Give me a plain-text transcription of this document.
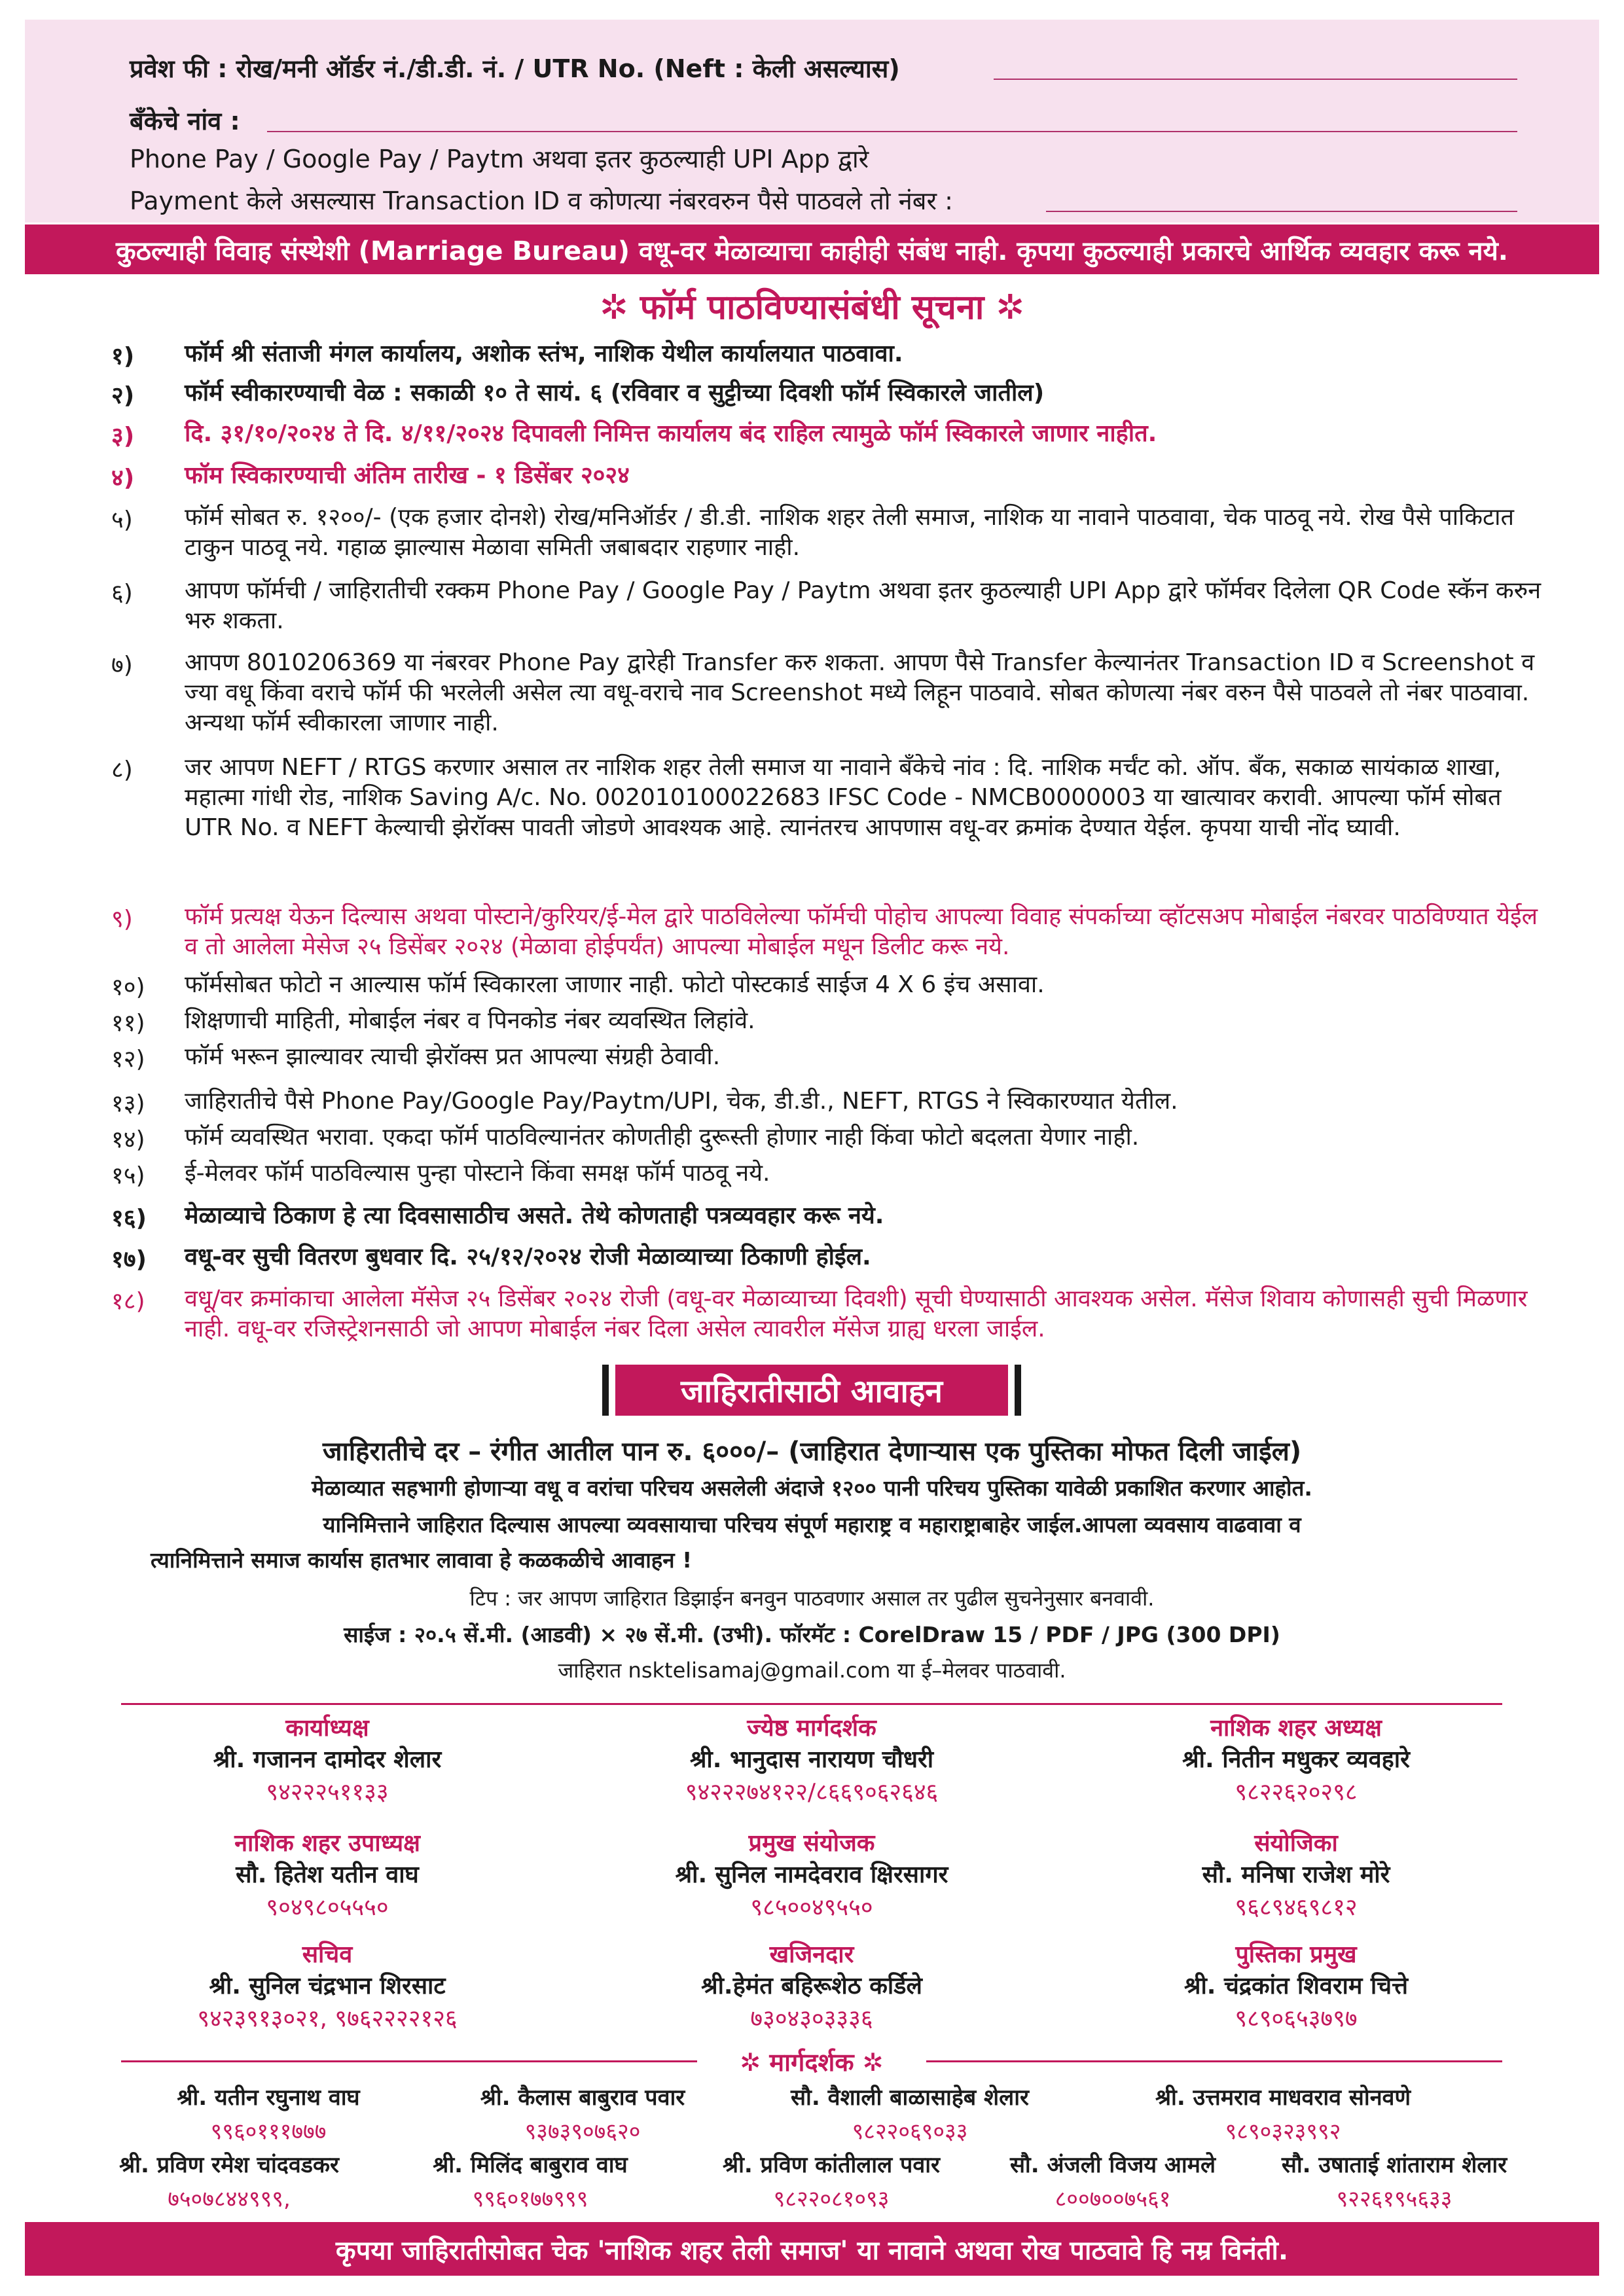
प्रवेश फी : रोख/मनी ऑर्डर नं./डी.डी. नं. / UTR No. (Neft : केली असल्यास)
बँकेचे नांव :
Phone Pay / Google Pay / Paytm अथवा इतर कुठल्याही UPI App द्वारे
Payment केले असल्यास Transaction ID व कोणत्या नंबरवरुन पैसे पाठवले तो नंबर :
कुठल्याही विवाह संस्थेशी (Marriage Bureau) वधू-वर मेळाव्याचा काहीही संबंध नाही. कृपया कुठल्याही प्रकारचे आर्थिक व्यवहार करू नये.
✲ फॉर्म पाठविण्यासंबंधी सूचना ✲
१) फॉर्म श्री संताजी मंगल कार्यालय, अशोक स्तंभ, नाशिक येथील कार्यालयात पाठवावा.
२) फॉर्म स्वीकारण्याची वेळ : सकाळी १० ते सायं. ६ (रविवार व सुट्टीच्या दिवशी फॉर्म स्विकारले जातील)
३) दि. ३१/१०/२०२४ ते दि. ४/११/२०२४ दिपावली निमित्त कार्यालय बंद राहिल त्यामुळे फॉर्म स्विकारले जाणार नाहीत.
४) फॉम स्विकारण्याची अंतिम तारीख - १ डिसेंबर २०२४
५) फॉर्म सोबत रु. १२००/- (एक हजार दोनशे) रोख/मनिऑर्डर / डी.डी. नाशिक शहर तेली समाज, नाशिक या नावाने पाठवावा, चेक पाठवू नये. रोख पैसे पाकिटात टाकुन पाठवू नये. गहाळ झाल्यास मेळावा समिती जबाबदार राहणार नाही.
६) आपण फॉर्मची / जाहिरातीची रक्कम Phone Pay / Google Pay / Paytm अथवा इतर कुठल्याही UPI App द्वारे फॉर्मवर दिलेला QR Code स्कॅन करुन भरु शकता.
७) आपण 8010206369 या नंबरवर Phone Pay द्वारेही Transfer करु शकता. आपण पैसे Transfer केल्यानंतर Transaction ID व Screenshot व ज्या वधू किंवा वराचे फॉर्म फी भरलेली असेल त्या वधू-वराचे नाव Screenshot मध्ये लिहून पाठवावे. सोबत कोणत्या नंबर वरुन पैसे पाठवले तो नंबर पाठवावा. अन्यथा फॉर्म स्वीकारला जाणार नाही.
८) जर आपण NEFT / RTGS करणार असाल तर नाशिक शहर तेली समाज या नावाने बँकेचे नांव : दि. नाशिक मर्चंट को. ऑप. बँक, सकाळ सायंकाळ शाखा, महात्मा गांधी रोड, नाशिक Saving A/c. No. 00201010002268З IFSC Code - NMCB0000003 या खात्यावर करावी. आपल्या फॉर्म सोबत UTR No. व NEFT केल्याची झेरॉक्स पावती जोडणे आवश्यक आहे. त्यानंतरच आपणास वधू-वर क्रमांक देण्यात येईल. कृपया याची नोंद घ्यावी.
९) फॉर्म प्रत्यक्ष येऊन दिल्यास अथवा पोस्टाने/कुरियर/ई-मेल द्वारे पाठविलेल्या फॉर्मची पोहोच आपल्या विवाह संपर्काच्या व्हॉटसअप मोबाईल नंबरवर पाठविण्यात येईल व तो आलेला मेसेज २५ डिसेंबर २०२४ (मेळावा होईपर्यंत) आपल्या मोबाईल मधून डिलीट करू नये.
१०) फॉर्मसोबत फोटो न आल्यास फॉर्म स्विकारला जाणार नाही. फोटो पोस्टकार्ड साईज 4 X 6 इंच असावा.
११) शिक्षणाची माहिती, मोबाईल नंबर व पिनकोड नंबर व्यवस्थित लिहांवे.
१२) फॉर्म भरून झाल्यावर त्याची झेरॉक्स प्रत आपल्या संग्रही ठेवावी.
१३) जाहिरातीचे पैसे Phone Pay/Google Pay/Paytm/UPI, चेक, डी.डी., NEFT, RTGS ने स्विकारण्यात येतील.
१४) फॉर्म व्यवस्थित भरावा. एकदा फॉर्म पाठविल्यानंतर कोणतीही दुरूस्ती होणार नाही किंवा फोटो बदलता येणार नाही.
१५) ई-मेलवर फॉर्म पाठविल्यास पुन्हा पोस्टाने किंवा समक्ष फॉर्म पाठवू नये.
१६) मेळाव्याचे ठिकाण हे त्या दिवसासाठीच असते. तेथे कोणताही पत्रव्यवहार करू नये.
१७) वधू-वर सुची वितरण बुधवार दि. २५/१२/२०२४ रोजी मेळाव्याच्या ठिकाणी होईल.
१८) वधू/वर क्रमांकाचा आलेला मॅसेज २५ डिसेंबर २०२४ रोजी (वधू-वर मेळाव्याच्या दिवशी) सूची घेण्यासाठी आवश्यक असेल. मॅसेज शिवाय कोणासही सुची मिळणार नाही. वधू-वर रजिस्ट्रेशनसाठी जो आपण मोबाईल नंबर दिला असेल त्यावरील मॅसेज ग्राह्य धरला जाईल.
जाहिरातीसाठी आवाहन
जाहिरातीचे दर – रंगीत आतील पान रु. ६०००/– (जाहिरात देणाऱ्यास एक पुस्तिका मोफत दिली जाईल)
मेळाव्यात सहभागी होणाऱ्या वधू व वरांचा परिचय असलेली अंदाजे १२०० पानी परिचय पुस्तिका यावेळी प्रकाशित करणार आहोत.
यानिमित्ताने जाहिरात दिल्यास आपल्या व्यवसायाचा परिचय संपूर्ण महाराष्ट्र व महाराष्ट्राबाहेर जाईल.आपला व्यवसाय वाढवावा व
त्यानिमित्ताने समाज कार्यास हातभार लावावा हे कळकळीचे आवाहन !
टिप : जर आपण जाहिरात डिझाईन बनवुन पाठवणार असाल तर पुढील सुचनेनुसार बनवावी.
साईज : २०.५ सें.मी. (आडवी) × २७ सें.मी. (उभी). फॉरमॅट : CorelDraw 15 / PDF / JPG (300 DPI)
जाहिरात nsktelisamaj@gmail.com या ई–मेलवर पाठवावी.
कार्याध्यक्ष
श्री. गजानन दामोदर शेलार
९४२२२५११३३
ज्येष्ठ मार्गदर्शक
श्री. भानुदास नारायण चौधरी
९४२२२७४१२२/८६६९०६२६४६
नाशिक शहर अध्यक्ष
श्री. नितीन मधुकर व्यवहारे
९८२२६२०२९८
नाशिक शहर उपाध्यक्ष
सौ. हितेश यतीन वाघ
९०४९८०५५५०
प्रमुख संयोजक
श्री. सुनिल नामदेवराव क्षिरसागर
९८५००४९५५०
संयोजिका
सौ. मनिषा राजेश मोरे
९६८९४६९८१२
सचिव
श्री. सुनिल चंद्रभान शिरसाट
९४२३९१३०२१, ९७६२२२२१२६
खजिनदार
श्री.हेमंत बहिरूशेठ कर्डिले
७३०४३०३३३६
पुस्तिका प्रमुख
श्री. चंद्रकांत शिवराम चित्ते
९८९०६५३७९७
✲ मार्गदर्शक ✲
श्री. यतीन रघुनाथ वाघ
९९६०१११७७७
श्री. कैलास बाबुराव पवार
९३७३९०७६२०
सौ. वैशाली बाळासाहेब शेलार
९८२२०६९०३३
श्री. उत्तमराव माधवराव सोनवणे
९८९०३२३९९२
श्री. प्रविण रमेश चांदवडकर
७५०७८४४९९९,
श्री. मिलिंद बाबुराव वाघ
९९६०१७७९९९
श्री. प्रविण कांतीलाल पवार
९८२२०८१०९३
सौ. अंजली विजय आमले
८००७००७५६१
सौ. उषाताई शांताराम शेलार
९२२६१९५६३३
कृपया जाहिरातीसोबत चेक 'नाशिक शहर तेली समाज' या नावाने अथवा रोख पाठवावे हि नम्र विनंती.
